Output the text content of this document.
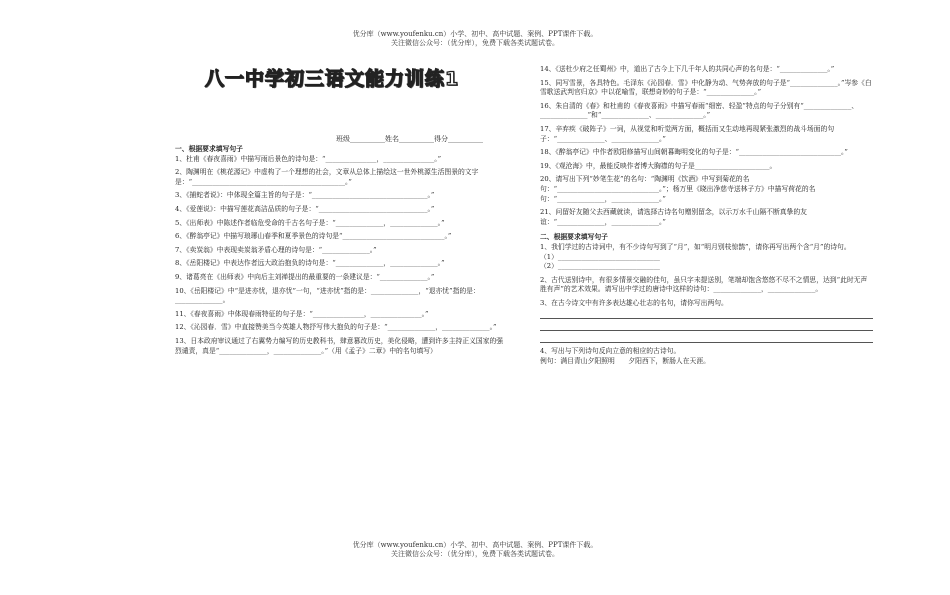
优分库（www.youfenku.cn）小学、初中、高中试题、案例、PPT课件下载。
关注微信公众号：（优分库），免费下载各类试题试卷。
八一中学初三语文能力训练1
班级__________姓名__________得分__________

一、根据要求填写句子

1、杜甫《春夜喜雨》中描写雨后景色的诗句是：“_______________，_______________。”

2、陶渊明在《桃花源记》中虚构了一个理想的社会，文章从总体上描绘这一世外桃源生活图景的文字是：“_____________________________________________。”

3、《捕蛇者说》：中体现全篇主旨的句子是：“__________________________________。”

4、《爱莲说》：中描写莲花高洁品质的句子是：“________________________________。”

5、《出师表》中陈述作者临危受命的千古名句子是：“______________，______________。”

6、《醉翁亭记》中描写琅琊山春季和夏季景色的诗句是“______________________________。”

7、《卖炭翁》中表现卖炭翁矛盾心理的诗句是：“______________。”

8、《岳阳楼记》中表达作者远大政治抱负的诗句是：“______________，______________。”

9、诸葛亮在《出师表》中向后主刘禅提出的最重要的一条建议是：“______________。”

10、《岳阳楼记》中“是进亦忧，退亦忧”一句，“进亦忧”指的是：______________，“退亦忧”指的是：______________。

11、《春夜喜雨》中体现春雨特征的句子是：“_______________，_______________。”

12、《沁园春．雪》中直接赞美当今英雄人物抒写伟大抱负的句子是：“______________，______________。”

13、日本政府审议通过了右翼势力编写的历史教科书，肆意篡改历史，美化侵略，遭到许多主持正义国家的强烈谴责，真是“______________，______________。”（用《孟子》二章》中的名句填写）

14、《送杜少府之任蜀州》中，道出了古今上下几千年人的共同心声的名句是：“______________。”

15、同写雪景，各具特色。毛泽东《沁园春．雪》中化静为动、气势奔放的句子是“______________。”岑参《白雪歌送武判官归京》中以花喻雪，联想奇妙的句子是：“______________。”

16、朱自清的《春》和杜甫的《春夜喜雨》中描写春雨“细密、轻盈”特点的句子分别有“______________、______________”和“______________、______________。”

17、辛弃疾《破阵子》一词，从视觉和听觉两方面，概括而又生动地再现紧张激烈的战斗场面的句子：“______________、______________。”

18、《醉翁亭记》中作者欧阳修描写山间朝暮晦明变化的句子是：“______________________________。”

19、《观沧海》中，最能反映作者博大胸襟的句子是______________________。

20、请写出下列“妙笔生花”的名句：“陶渊明《饮酒》中写到菊花的名句：“______________________________。”；杨万里《晓出净慈寺送林子方》中描写荷花的名句：“______________，______________。”

21、问留好友随父去西藏就读，请选择古诗名句赠别留念，以示万水千山隔不断真挚的友谊：“______________，______________。”

二、根据要求填写句子

1、我们学过的古诗词中，有不少诗句写到了“月”，如“明月别枝惊鹊”，请你再写出两个含“月”的诗句。

（1）______________________________

（2）______________________________

2、古代送别诗中，有很多情景交融的佳句，虽只字未提送别，笔端却饱含悠悠不尽不之情思，达到“此时无声胜有声”的艺术效果。请写出中学过的唐诗中这样的诗句：______________，______________。

3、在古今诗文中有许多表达雄心壮志的名句，请你写出两句。

4、写出与下列诗句反向立意的相应的古诗句。

例句：满目青山夕阳照明　　夕阳西下，断肠人在天涯。

优分库（www.youfenku.cn）小学、初中、高中试题、案例、PPT课件下载。
关注微信公众号：（优分库），免费下载各类试题试卷。
